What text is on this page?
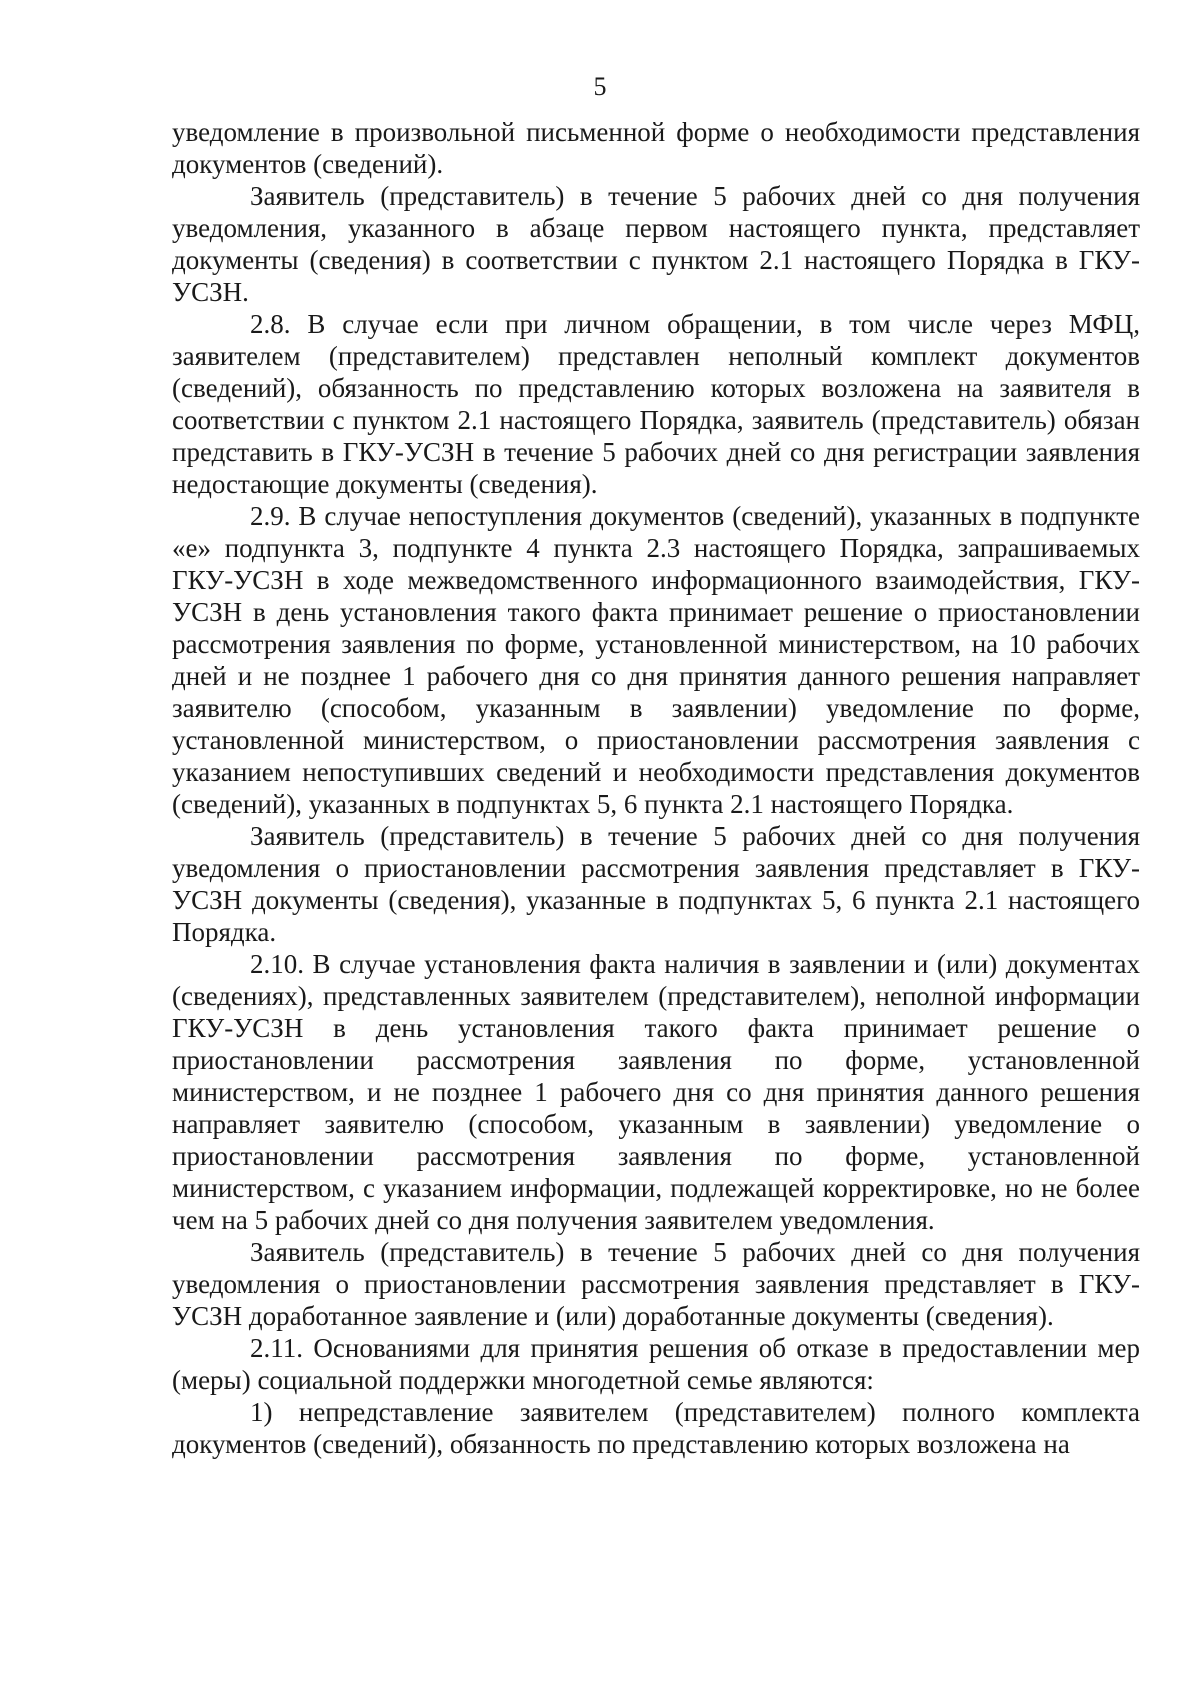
5

уведомление в произвольной письменной форме о необходимости представления документов (сведений).

Заявитель (представитель) в течение 5 рабочих дней со дня получения уведомления, указанного в абзаце первом настоящего пункта, представляет документы (сведения) в соответствии с пунктом 2.1 настоящего Порядка в ГКУ-УСЗН.

2.8. В случае если при личном обращении, в том числе через МФЦ, заявителем (представителем) представлен неполный комплект документов (сведений), обязанность по представлению которых возложена на заявителя в соответствии с пунктом 2.1 настоящего Порядка, заявитель (представитель) обязан представить в ГКУ-УСЗН в течение 5 рабочих дней со дня регистрации заявления недостающие документы (сведения).

2.9. В случае непоступления документов (сведений), указанных в подпункте «е» подпункта 3, подпункте 4 пункта 2.3 настоящего Порядка, запрашиваемых ГКУ-УСЗН в ходе межведомственного информационного взаимодействия, ГКУ-УСЗН в день установления такого факта принимает решение о приостановлении рассмотрения заявления по форме, установленной министерством, на 10 рабочих дней и не позднее 1 рабочего дня со дня принятия данного решения направляет заявителю (способом, указанным в заявлении) уведомление по форме, установленной министерством, о приостановлении рассмотрения заявления с указанием непоступивших сведений и необходимости представления документов (сведений), указанных в подпунктах 5, 6 пункта 2.1 настоящего Порядка.

Заявитель (представитель) в течение 5 рабочих дней со дня получения уведомления о приостановлении рассмотрения заявления представляет в ГКУ-УСЗН документы (сведения), указанные в подпунктах 5, 6 пункта 2.1 настоящего Порядка.

2.10. В случае установления факта наличия в заявлении и (или) документах (сведениях), представленных заявителем (представителем), неполной информации ГКУ-УСЗН в день установления такого факта принимает решение о приостановлении рассмотрения заявления по форме, установленной министерством, и не позднее 1 рабочего дня со дня принятия данного решения направляет заявителю (способом, указанным в заявлении) уведомление о приостановлении рассмотрения заявления по форме, установленной министерством, с указанием информации, подлежащей корректировке, но не более чем на 5 рабочих дней со дня получения заявителем уведомления.

Заявитель (представитель) в течение 5 рабочих дней со дня получения уведомления о приостановлении рассмотрения заявления представляет в ГКУ-УСЗН доработанное заявление и (или) доработанные документы (сведения).

2.11. Основаниями для принятия решения об отказе в предоставлении мер (меры) социальной поддержки многодетной семье являются:

1) непредставление заявителем (представителем) полного комплекта документов (сведений), обязанность по представлению которых возложена на
